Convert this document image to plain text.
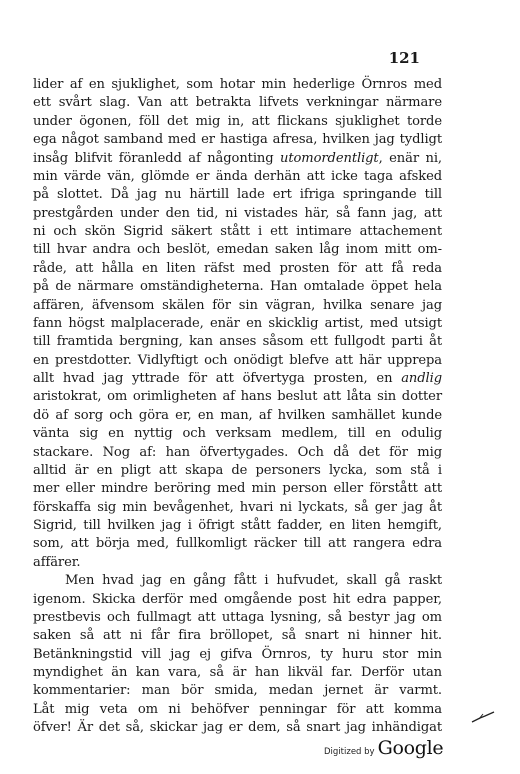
121
lider af en sjuklighet, som hotar min hederlige Örnros med
ett svårt slag. Van att betrakta lifvets verkningar närmare
under ögonen, föll det mig in, att flickans sjuklighet torde
ega något samband med er hastiga afresa, hvilken jag tydligt
insåg blifvit föranledd af någonting utomordentligt, enär ni,
min värde vän, glömde er ända derhän att icke taga afsked
på slottet. Då jag nu härtill lade ert ifriga springande till
prestgården under den tid, ni vistades här, så fann jag, att
ni och skön Sigrid säkert stått i ett intimare attachement
till hvar andra och beslöt, emedan saken låg inom mitt om-
råde, att hålla en liten räfst med prosten för att få reda
på de närmare omständigheterna. Han omtalade öppet hela
affären, äfvensom skälen för sin vägran, hvilka senare jag
fann högst malplacerade, enär en skicklig artist, med utsigt
till framtida bergning, kan anses såsom ett fullgodt parti åt
en prestdotter. Vidlyftigt och onödigt blefve att här upprepa
allt hvad jag yttrade för att öfvertyga prosten, en andlig
aristokrat, om orimligheten af hans beslut att låta sin dotter
dö af sorg och göra er, en man, af hvilken samhället kunde
vänta sig en nyttig och verksam medlem, till en odulig
stackare. Nog af: han öfvertygades. Och då det för mig
alltid är en pligt att skapa de personers lycka, som stå i
mer eller mindre beröring med min person eller förstått att
förskaffa sig min bevågenhet, hvari ni lyckats, så ger jag åt
Sigrid, till hvilken jag i öfrigt stått fadder, en liten hemgift,
som, att börja med, fullkomligt räcker till att rangera edra
affärer.
Men hvad jag en gång fått i hufvudet, skall gå raskt
igenom. Skicka derför med omgående post hit edra papper,
prestbevis och fullmagt att uttaga lysning, så bestyr jag om
saken så att ni får fira bröllopet, så snart ni hinner hit.
Betänkningstid vill jag ej gifva Örnros, ty huru stor min
myndighet än kan vara, så är han likväl far. Derför utan
kommentarier: man bör smida, medan jernet är varmt.
Låt mig veta om ni behöfver penningar för att komma
öfver! Är det så, skickar jag er dem, så snart jag inhändigat
Digitized by Google
